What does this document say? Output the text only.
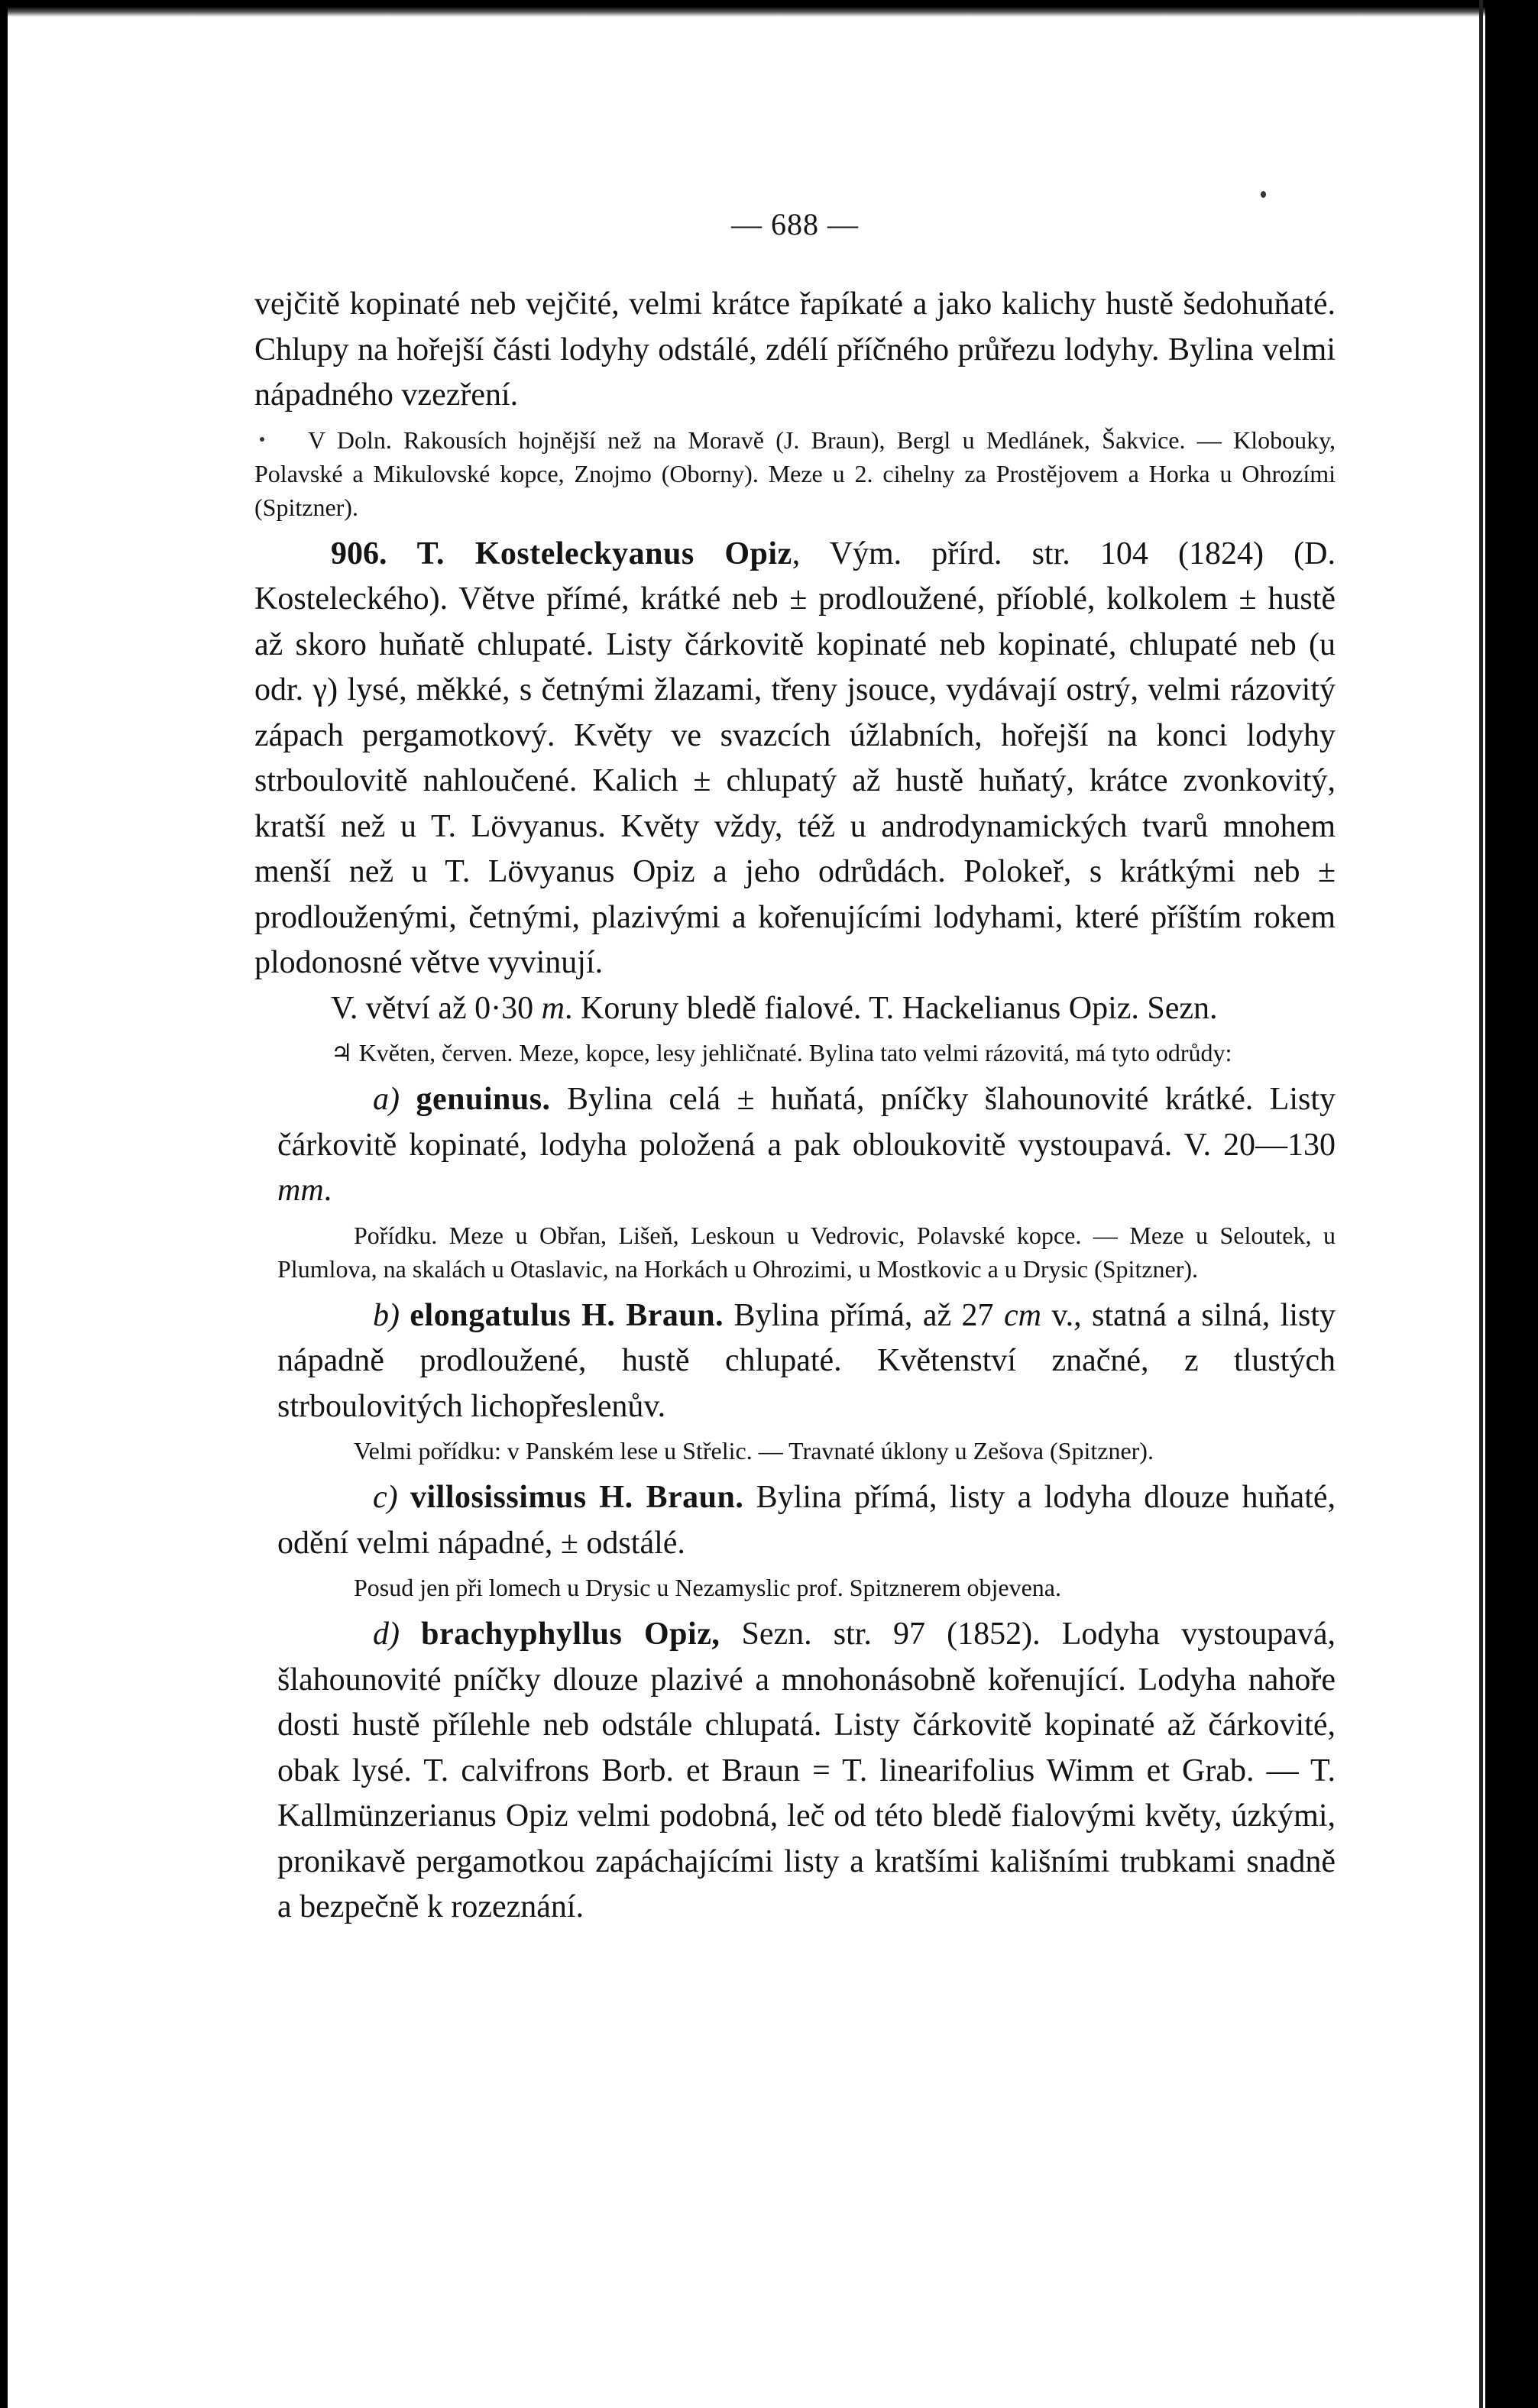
— 688 —

vejčitě kopinaté neb vejčité, velmi krátce řapíkaté a jako kalichy hustě šedohuňaté. Chlupy na hořejší části lodyhy odstálé, zdélí příčného průřezu lodyhy. Bylina velmi nápadného vzezření.

V Doln. Rakousích hojnější než na Moravě (J. Braun), Bergl u Medlánek, Šakvice. — Klobouky, Polavské a Mikulovské kopce, Znojmo (Oborny). Meze u 2. cihelny za Prostějovem a Horka u Ohrozími (Spitzner).

906. T. Kosteleckyanus Opiz, Vým. přírd. str. 104 (1824) (D. Kosteleckého). Větve přímé, krátké neb ± prodloužené, příoblé, kolkolem ± hustě až skoro huňatě chlupaté. Listy čárkovitě kopinaté neb kopinaté, chlupaté neb (u odr. γ) lysé, měkké, s četnými žlazami, třeny jsouce, vydávají ostrý, velmi rázovitý zápach pergamotkový. Květy ve svazcích úžlabních, hořejší na konci lodyhy strboulovitě nahloučené. Kalich ± chlupatý až hustě huňatý, krátce zvonkovitý, kratší než u T. Lövyanus. Květy vždy, též u androdynamických tvarů mnohem menší než u T. Lövyanus Opiz a jeho odrůdách. Polokeř, s krátkými neb ± prodlouženými, četnými, plazivými a kořenujícími lodyhami, které příštím rokem plodonosné větve vyvinují.

V. větví až 0·30 m. Koruny bledě fialové. T. Hackelianus Opiz. Sezn.

♃ Květen, červen. Meze, kopce, lesy jehličnaté. Bylina tato velmi rázovitá, má tyto odrůdy:

a) genuinus. Bylina celá ± huňatá, pníčky šlahounovité krátké. Listy čárkovitě kopinaté, lodyha položená a pak obloukovitě vystoupavá. V. 20—130 mm.

Pořídku. Meze u Obřan, Lišeň, Leskoun u Vedrovic, Polavské kopce. — Meze u Seloutek, u Plumlova, na skalách u Otaslavic, na Horkách u Ohrozimi, u Mostkovic a u Drysic (Spitzner).

b) elongatulus H. Braun. Bylina přímá, až 27 cm v., statná a silná, listy nápadně prodloužené, hustě chlupaté. Květenství značné, z tlustých strboulovitých lichopřeslenův.

Velmi pořídku: v Panském lese u Střelic. — Travnaté úklony u Zešova (Spitzner).

c) villosissimus H. Braun. Bylina přímá, listy a lodyha dlouze huňaté, odění velmi nápadné, ± odstálé.

Posud jen při lomech u Drysic u Nezamyslic prof. Spitznerem objevena.

d) brachyphyllus Opiz, Sezn. str. 97 (1852). Lodyha vystoupavá, šlahounovité pníčky dlouze plazivé a mnohonásobně kořenující. Lodyha nahoře dosti hustě přílehle neb odstále chlupatá. Listy čárkovitě kopinaté až čárkovité, obak lysé. T. calvifrons Borb. et Braun = T. linearifolius Wimm et Grab. — T. Kallmünzerianus Opiz velmi podobná, leč od této bledě fialovými květy, úzkými, pronikavě pergamotkou zapáchajícími listy a kratšími kališními trubkami snadně a bezpečně k rozeznání.
